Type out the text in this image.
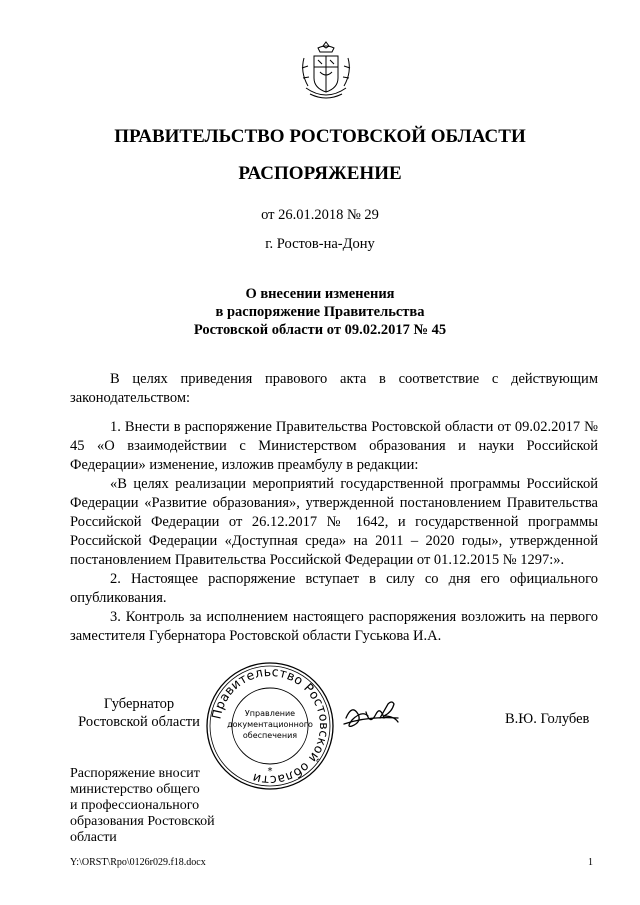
ПРАВИТЕЛЬСТВО РОСТОВСКОЙ ОБЛАСТИ
РАСПОРЯЖЕНИЕ
от 26.01.2018 № 29
г. Ростов-на-Дону
О внесении изменения
в распоряжение Правительства
Ростовской области от 09.02.2017 № 45

В целях приведения правового акта в соответствие с действующим законодательством:

1. Внести в распоряжение Правительства Ростовской области от 09.02.2017 № 45 «О взаимодействии с Министерством образования и науки Российской Федерации» изменение, изложив преамбулу в редакции:

«В целях реализации мероприятий государственной программы Российской Федерации «Развитие образования», утвержденной постановлением Правительства Российской Федерации от 26.12.2017 № 1642, и государственной программы Российской Федерации «Доступная среда» на 2011 – 2020 годы», утвержденной постановлением Правительства Российской Федерации от 01.12.2015 № 1297:».

2. Настоящее распоряжение вступает в силу со дня его официального опубликования.

3. Контроль за исполнением настоящего распоряжения возложить на первого заместителя Губернатора Ростовской области Гуськова И.А.

Губернатор
Ростовской области Правительство Ростовской области
Управление
документационного
обеспечения
*
В.Ю. Голубев
Распоряжение вносит
министерство общего
и профессионального
образования Ростовской
области
Y:\ORST\Rpo\0126r029.f18.docx	1
